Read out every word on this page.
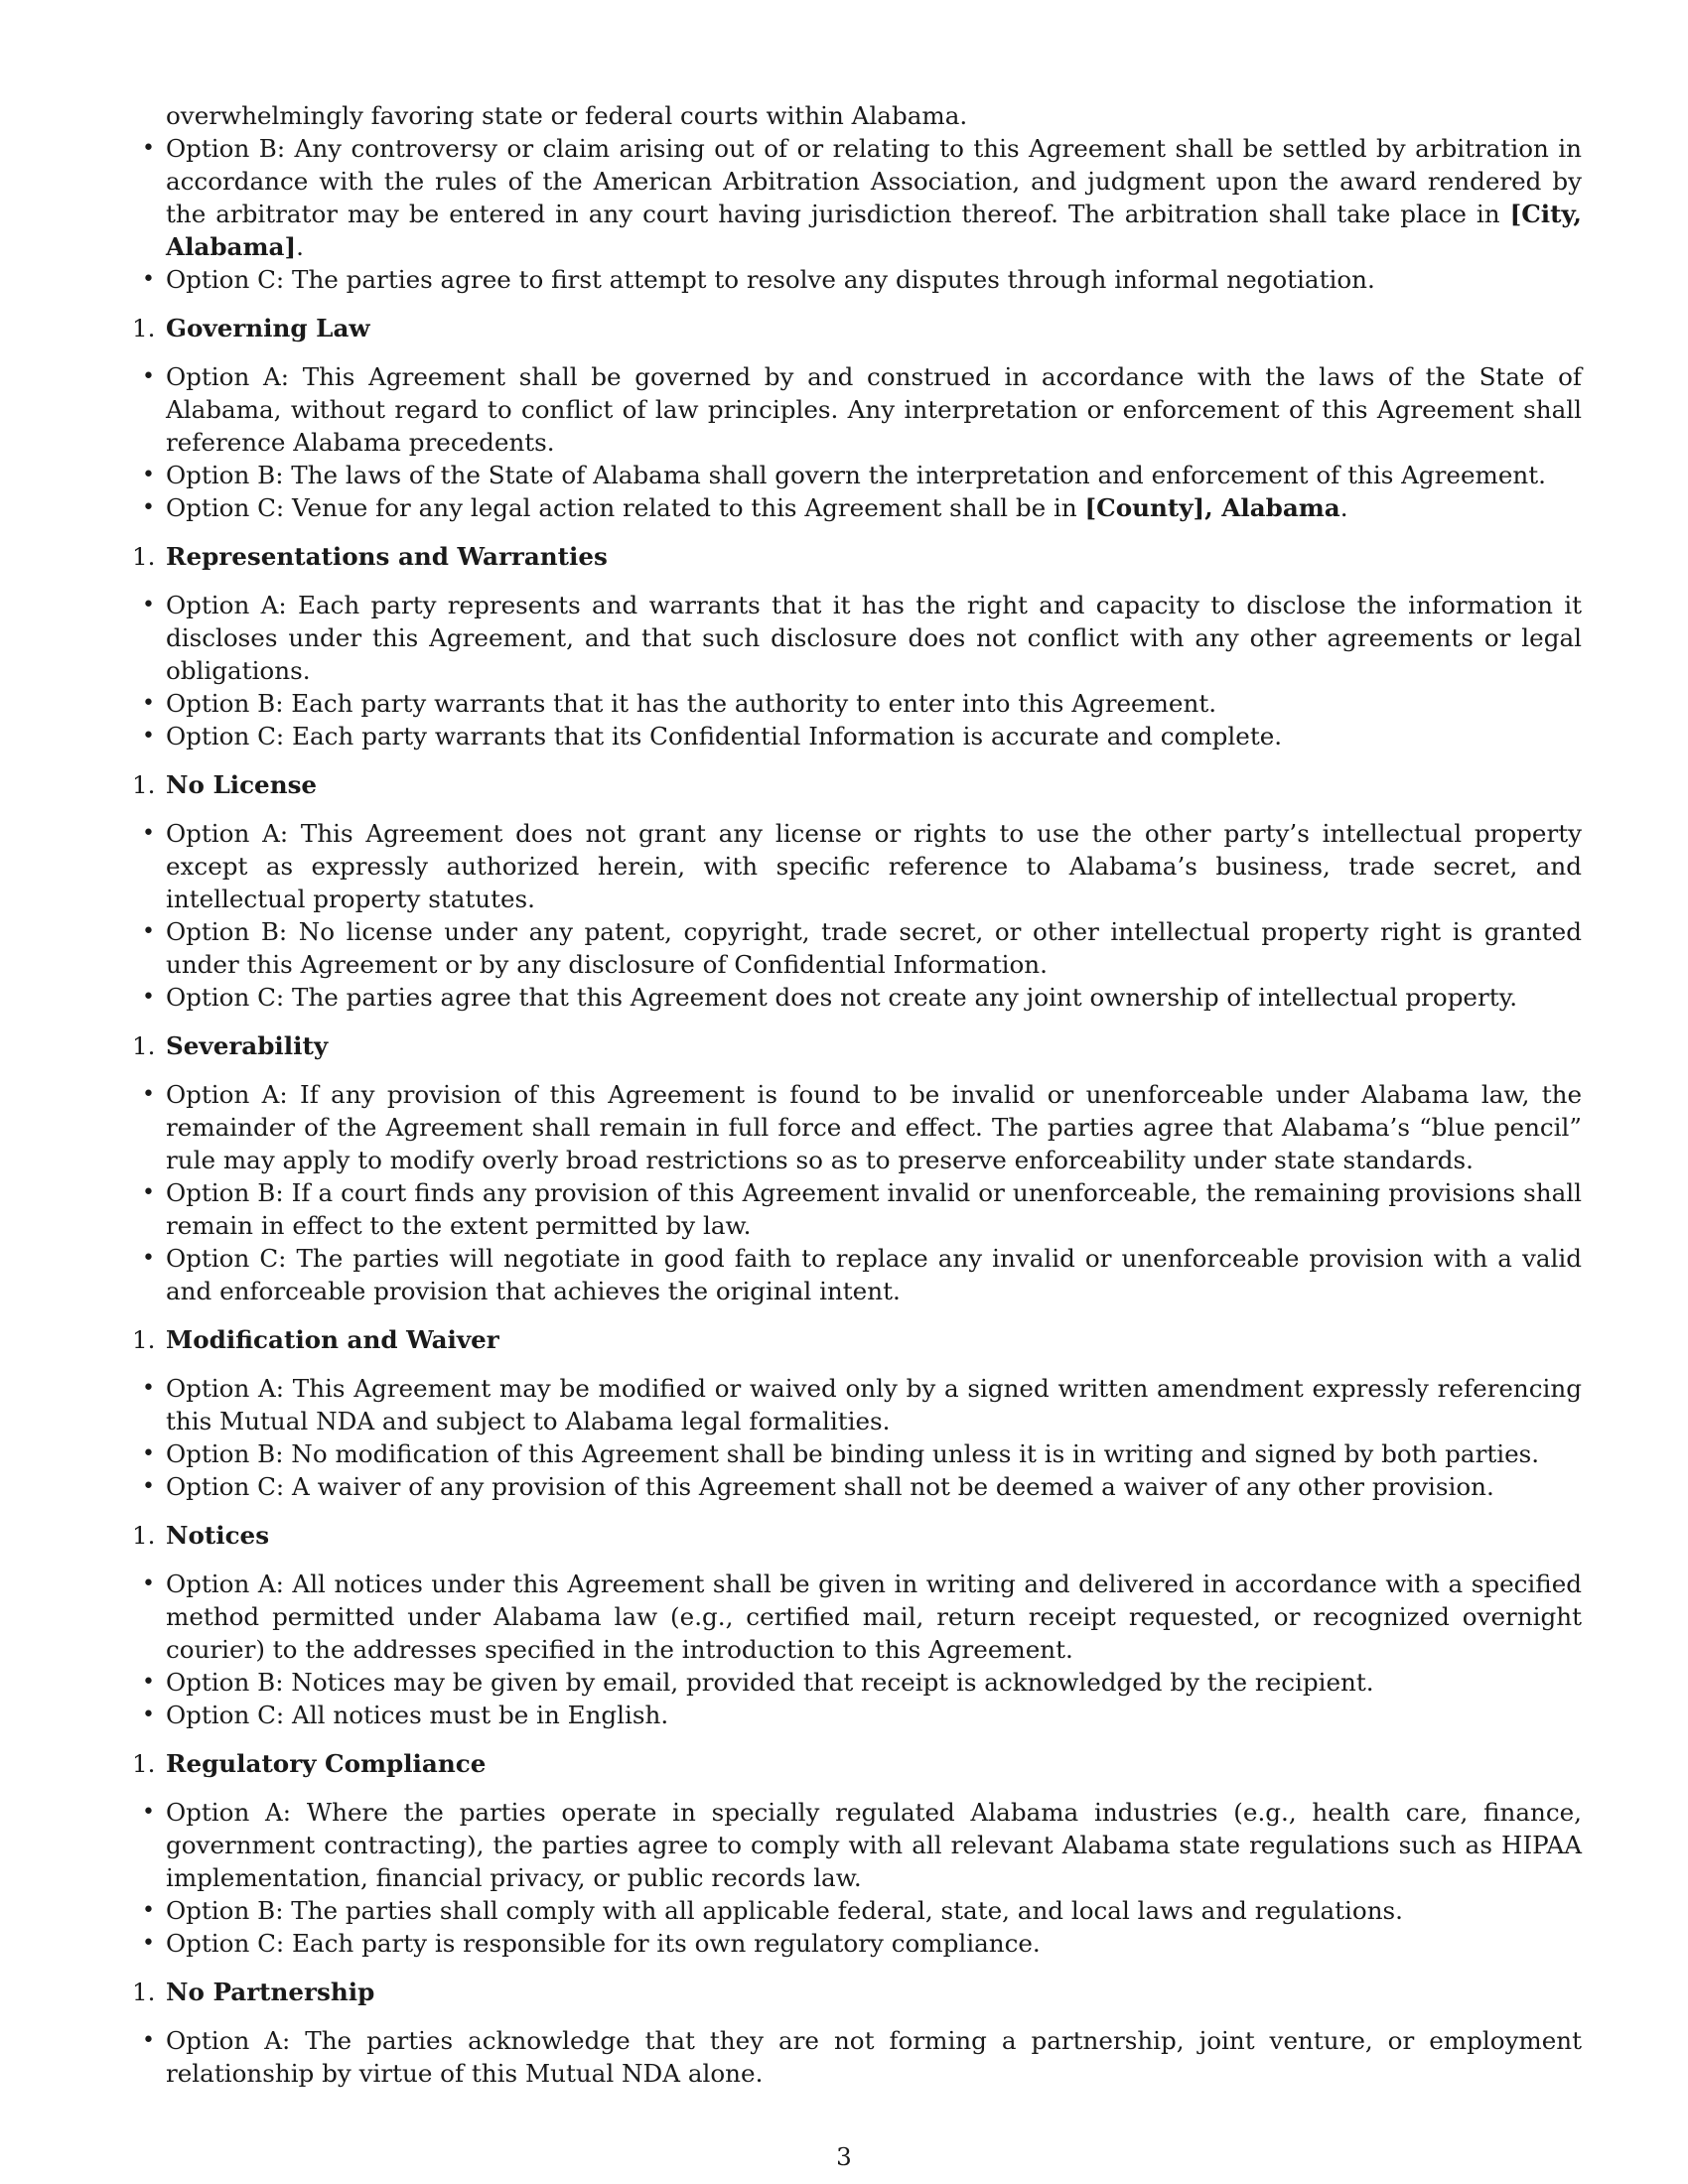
overwhelmingly favoring state or federal courts within Alabama.
• Option B: Any controversy or claim arising out of or relating to this Agreement shall be settled by arbitration in accordance with the rules of the American Arbitration Association, and judgment upon the award rendered by the arbitrator may be entered in any court having jurisdiction thereof. The arbitration shall take place in [City, Alabama].
• Option C: The parties agree to first attempt to resolve any disputes through informal negotiation.
1. Governing Law
• Option A: This Agreement shall be governed by and construed in accordance with the laws of the State of Alabama, without regard to conflict of law principles. Any interpretation or enforcement of this Agreement shall reference Alabama precedents.
• Option B: The laws of the State of Alabama shall govern the interpretation and enforcement of this Agreement.
• Option C: Venue for any legal action related to this Agreement shall be in [County], Alabama.
1. Representations and Warranties
• Option A: Each party represents and warrants that it has the right and capacity to disclose the information it discloses under this Agreement, and that such disclosure does not conflict with any other agreements or legal obligations.
• Option B: Each party warrants that it has the authority to enter into this Agreement.
• Option C: Each party warrants that its Confidential Information is accurate and complete.
1. No License
• Option A: This Agreement does not grant any license or rights to use the other party’s intellectual property except as expressly authorized herein, with specific reference to Alabama’s business, trade secret, and intellectual property statutes.
• Option B: No license under any patent, copyright, trade secret, or other intellectual property right is granted under this Agreement or by any disclosure of Confidential Information.
• Option C: The parties agree that this Agreement does not create any joint ownership of intellectual property.
1. Severability
• Option A: If any provision of this Agreement is found to be invalid or unenforceable under Alabama law, the remainder of the Agreement shall remain in full force and effect. The parties agree that Alabama’s “blue pencil” rule may apply to modify overly broad restrictions so as to preserve enforceability under state standards.
• Option B: If a court finds any provision of this Agreement invalid or unenforceable, the remaining provisions shall remain in effect to the extent permitted by law.
• Option C: The parties will negotiate in good faith to replace any invalid or unenforceable provision with a valid and enforceable provision that achieves the original intent.
1. Modification and Waiver
• Option A: This Agreement may be modified or waived only by a signed written amendment expressly referencing this Mutual NDA and subject to Alabama legal formalities.
• Option B: No modification of this Agreement shall be binding unless it is in writing and signed by both parties.
• Option C: A waiver of any provision of this Agreement shall not be deemed a waiver of any other provision.
1. Notices
• Option A: All notices under this Agreement shall be given in writing and delivered in accordance with a specified method permitted under Alabama law (e.g., certified mail, return receipt requested, or recognized overnight courier) to the addresses specified in the introduction to this Agreement.
• Option B: Notices may be given by email, provided that receipt is acknowledged by the recipient.
• Option C: All notices must be in English.
1. Regulatory Compliance
• Option A: Where the parties operate in specially regulated Alabama industries (e.g., health care, finance, government contracting), the parties agree to comply with all relevant Alabama state regulations such as HIPAA implementation, financial privacy, or public records law.
• Option B: The parties shall comply with all applicable federal, state, and local laws and regulations.
• Option C: Each party is responsible for its own regulatory compliance.
1. No Partnership
• Option A: The parties acknowledge that they are not forming a partnership, joint venture, or employment relationship by virtue of this Mutual NDA alone.
3
